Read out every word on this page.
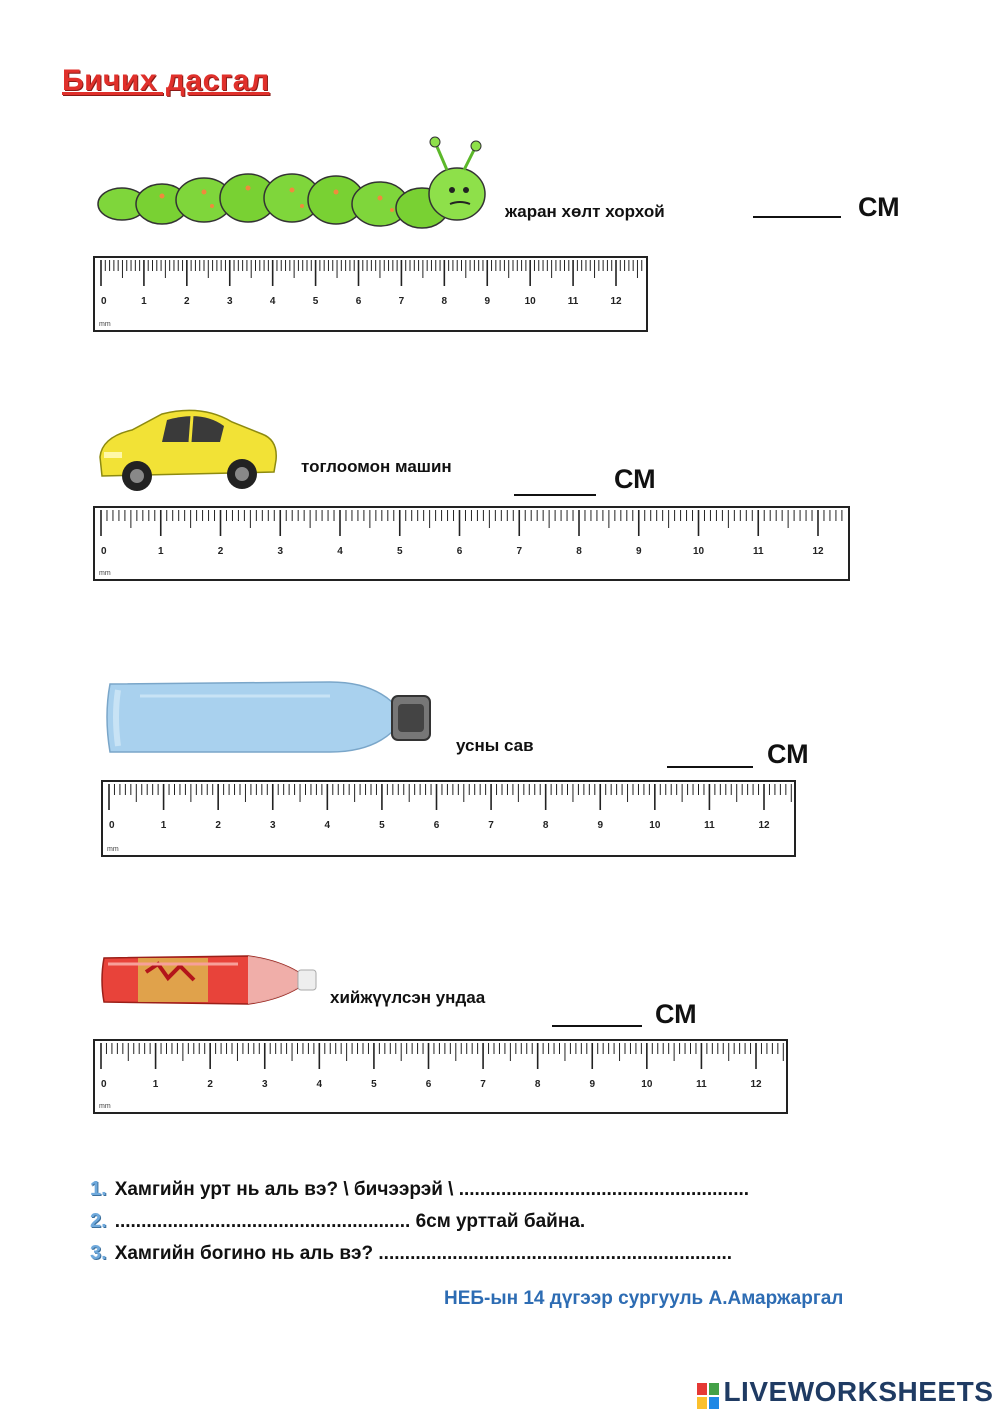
Бичих дасгал
жаран хөлт хорхой	СМ
0	1	2	3	4	5	6	7	8	9	10	11	12
mm
тоглоомон машин	СМ
0	1	2	3	4	5	6	7	8	9	10	11	12
mm
усны сав	СМ
0	1	2	3	4	5	6	7	8	9	10	11	12
mm
хийжүүлсэн ундаа
СМ
0	1	2	3	4	5	6	7	8	9	10	11	12
mm
1. Хамгийн урт нь аль вэ? \ бичээрэй \ .......................................................
2. ........................................................ 6см урттай байна.
3. Хамгийн богино нь аль вэ? ...................................................................
НЕБ-ын 14 дүгээр сургууль А.Амаржаргал
LIVEWORKSHEETS
